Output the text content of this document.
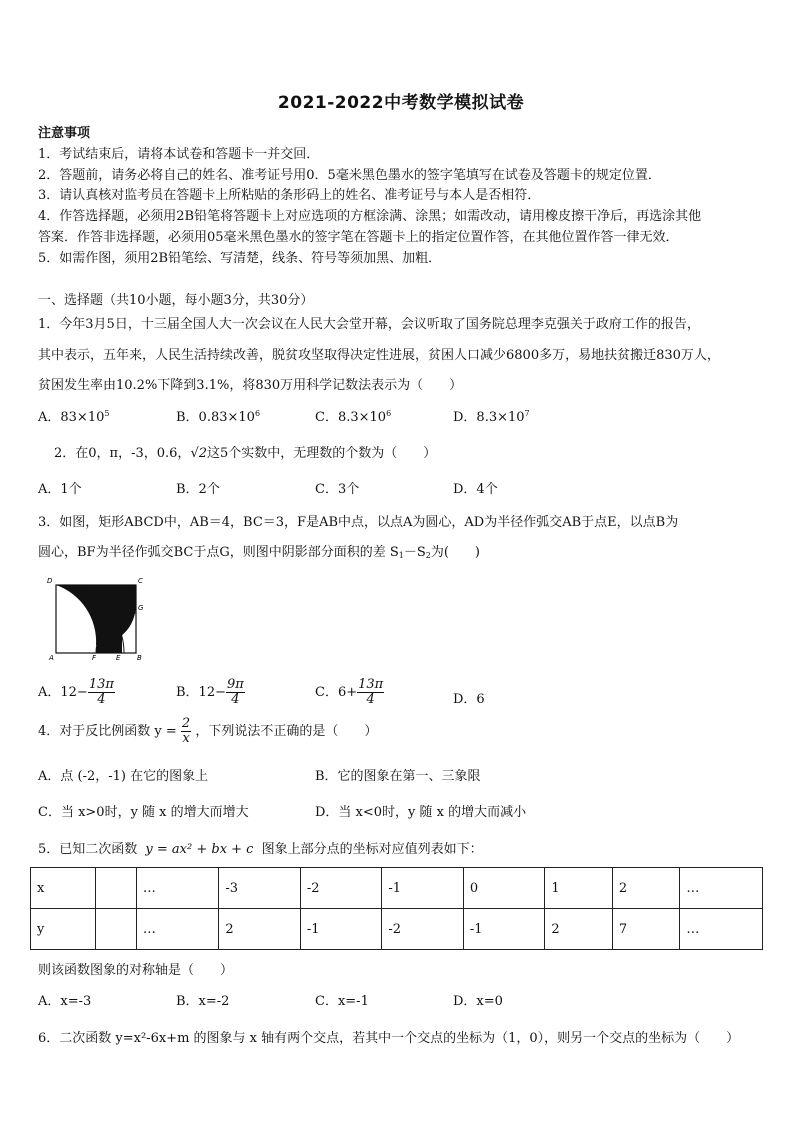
2021-2022中考数学模拟试卷
注意事项
1．考试结束后，请将本试卷和答题卡一并交回．
2．答题前，请务必将自己的姓名、准考证号用0．5毫米黑色墨水的签字笔填写在试卷及答题卡的规定位置．
3．请认真核对监考员在答题卡上所粘贴的条形码上的姓名、准考证号与本人是否相符．
4．作答选择题，必须用2B铅笔将答题卡上对应选项的方框涂满、涂黑；如需改动，请用橡皮擦干净后，再选涂其他
答案．作答非选择题，必须用05毫米黑色墨水的签字笔在答题卡上的指定位置作答，在其他位置作答一律无效．
5．如需作图，须用2B铅笔绘、写清楚，线条、符号等须加黑、加粗．
一、选择题（共10小题，每小题3分，共30分）
1．今年3月5日，十三届全国人大一次会议在人民大会堂开幕，会议听取了国务院总理李克强关于政府工作的报告，
其中表示，五年来，人民生活持续改善，脱贫攻坚取得决定性进展，贫困人口减少6800多万，易地扶贫搬迁830万人，
贫困发生率由10.2%下降到3.1%，将830万用科学记数法表示为（　　）
A．$83\times 10^5$	B．$0.83\times 10^6$	C．$8.3\times 10^6$	D．$8.3\times 10^7$
2．在0，π，-3，0.6，√2这5个实数中，无理数的个数为（　　）
A．1个	B．2个	C．3个	D．4个
3．如图，矩形ABCD中，AB＝4，BC＝3，F是AB中点，以点A为圆心，AD为半径作弧交AB于点E，以点B为
圆心，BF为半径作弧交BC于点G，则图中阴影部分面积的差 $S_1-S_2$为(　　)
D	C
G
A	F	E B
A．$12- \frac{13\pi}{4}$	B．$12- \frac{9\pi}{4}$	C．$6+ \frac{13\pi}{4}$	D．6
4．对于反比例函数 $y = \frac{2}{x}$ ，下列说法不正确的是（　　）
A．点 (-2，-1) 在它的图象上	B．它的图象在第一、三象限
C．当 x>0时，y 随 x 的增大而增大	D．当 x<0时，y 随 x 的增大而减小
5．已知二次函数 y = ax² + bx + c 图象上部分点的坐标对应值列表如下：
x		…	-3	-2	-1	0	1	2	…
y		…	2	-1	-2	-1	2	7	…
则该函数图象的对称轴是（　　）
A．x=-3	B．x=-2	C．x=-1	D．x=0
6．二次函数 y=x²-6x+m 的图象与 x 轴有两个交点，若其中一个交点的坐标为（1，0），则另一个交点的坐标为（　　）
